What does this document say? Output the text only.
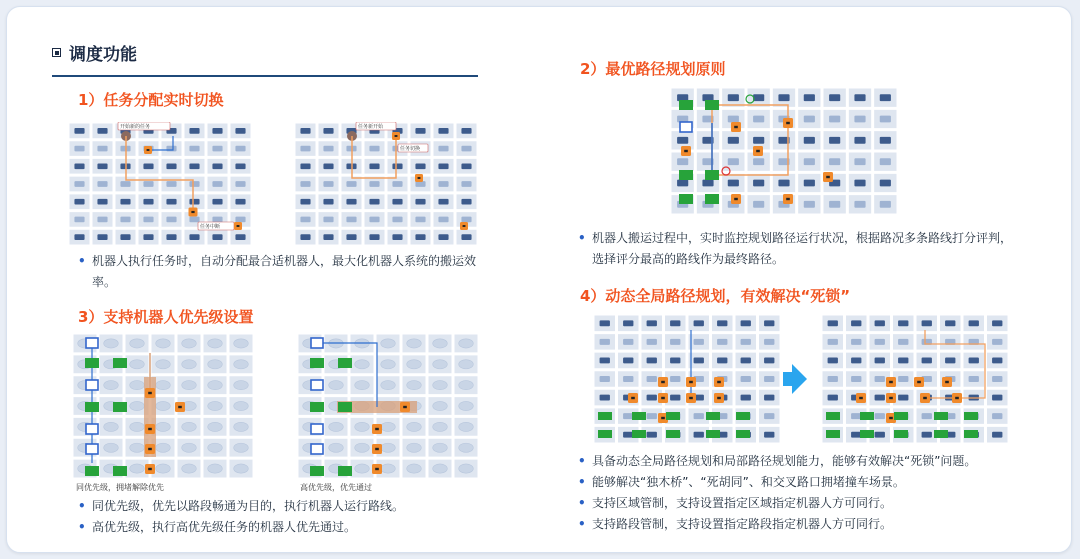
调度功能
1）任务分配实时切换
开始新的任务
任务中断
任务新开始
任务切换
• 机器人执行任务时，自动分配最合适机器人，最大化机器人系统的搬运效率。
3）支持机器人优先级设置
同优先级，拥堵解除优先	高优先级，优先通过
• 同优先级，优先以路段畅通为目的，执行机器人运行路线。
• 高优先级，执行高优先级任务的机器人优先通过。
2）最优路径规划原则
• 机器人搬运过程中，实时监控规划路径运行状况，根据路况多条路线打分评判，选择评分最高的路线作为最终路径。
4）动态全局路径规划，有效解决“死锁”
• 具备动态全局路径规划和局部路径规划能力，能够有效解决“死锁”问题。
• 能够解决“独木桥”、“死胡同”、和交叉路口拥堵撞车场景。
• 支持区域管制，支持设置指定区域指定机器人方可同行。
• 支持路段管制，支持设置指定路段指定机器人方可同行。
